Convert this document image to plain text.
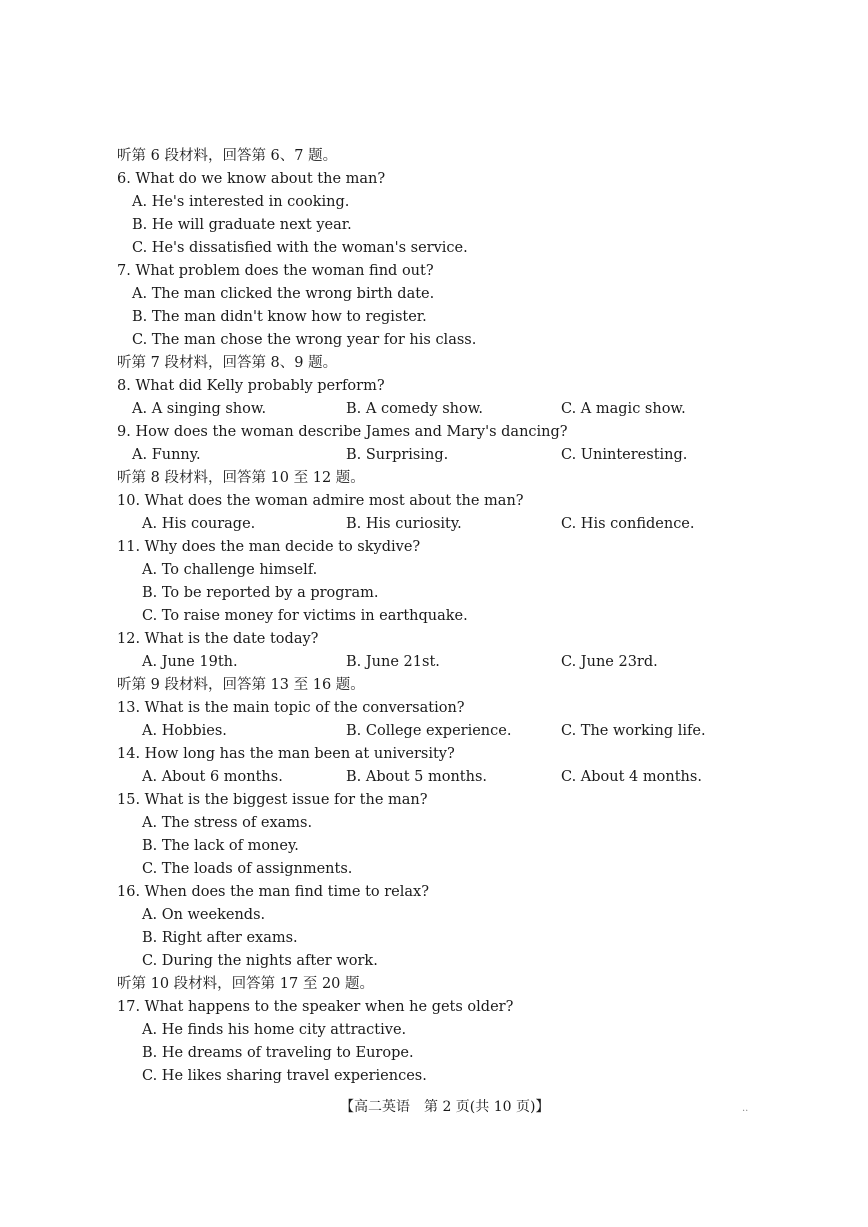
听第 6 段材料，回答第 6、7 题。
6. What do we know about the man?
A. He's interested in cooking.
B. He will graduate next year.
C. He's dissatisfied with the woman's service.
7. What problem does the woman find out?
A. The man clicked the wrong birth date.
B. The man didn't know how to register.
C. The man chose the wrong year for his class.
听第 7 段材料，回答第 8、9 题。
8. What did Kelly probably perform?
A. A singing show.	B. A comedy show.	C. A magic show.
9. How does the woman describe James and Mary's dancing?
A. Funny.	B. Surprising.	C. Uninteresting.
听第 8 段材料，回答第 10 至 12 题。
10. What does the woman admire most about the man?
A. His courage.	B. His curiosity.	C. His confidence.
11. Why does the man decide to skydive?
A. To challenge himself.
B. To be reported by a program.
C. To raise money for victims in earthquake.
12. What is the date today?
A. June 19th.	B. June 21st.	C. June 23rd.
听第 9 段材料，回答第 13 至 16 题。
13. What is the main topic of the conversation?
A. Hobbies.	B. College experience.	C. The working life.
14. How long has the man been at university?
A. About 6 months.	B. About 5 months.	C. About 4 months.
15. What is the biggest issue for the man?
A. The stress of exams.
B. The lack of money.
C. The loads of assignments.
16. When does the man find time to relax?
A. On weekends.
B. Right after exams.
C. During the nights after work.
听第 10 段材料，回答第 17 至 20 题。
17. What happens to the speaker when he gets older?
A. He finds his home city attractive.
B. He dreams of traveling to Europe.
C. He likes sharing travel experiences.
【高二英语　第 2 页(共 10 页)】	..
